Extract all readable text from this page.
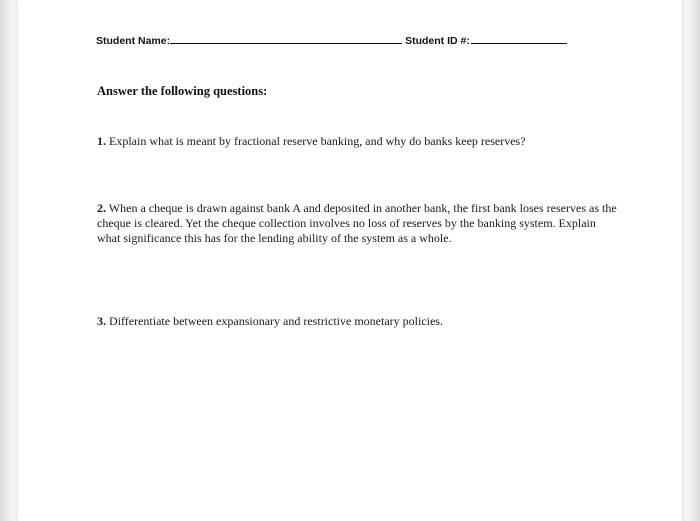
Student Name:	Student ID #:

Answer the following questions:

1. Explain what is meant by fractional reserve banking, and why do banks keep reserves?

2. When a cheque is drawn against bank A and deposited in another bank, the first bank loses reserves as the cheque is cleared. Yet the cheque collection involves no loss of reserves by the banking system. Explain what significance this has for the lending ability of the system as a whole.

3. Differentiate between expansionary and restrictive monetary policies.
